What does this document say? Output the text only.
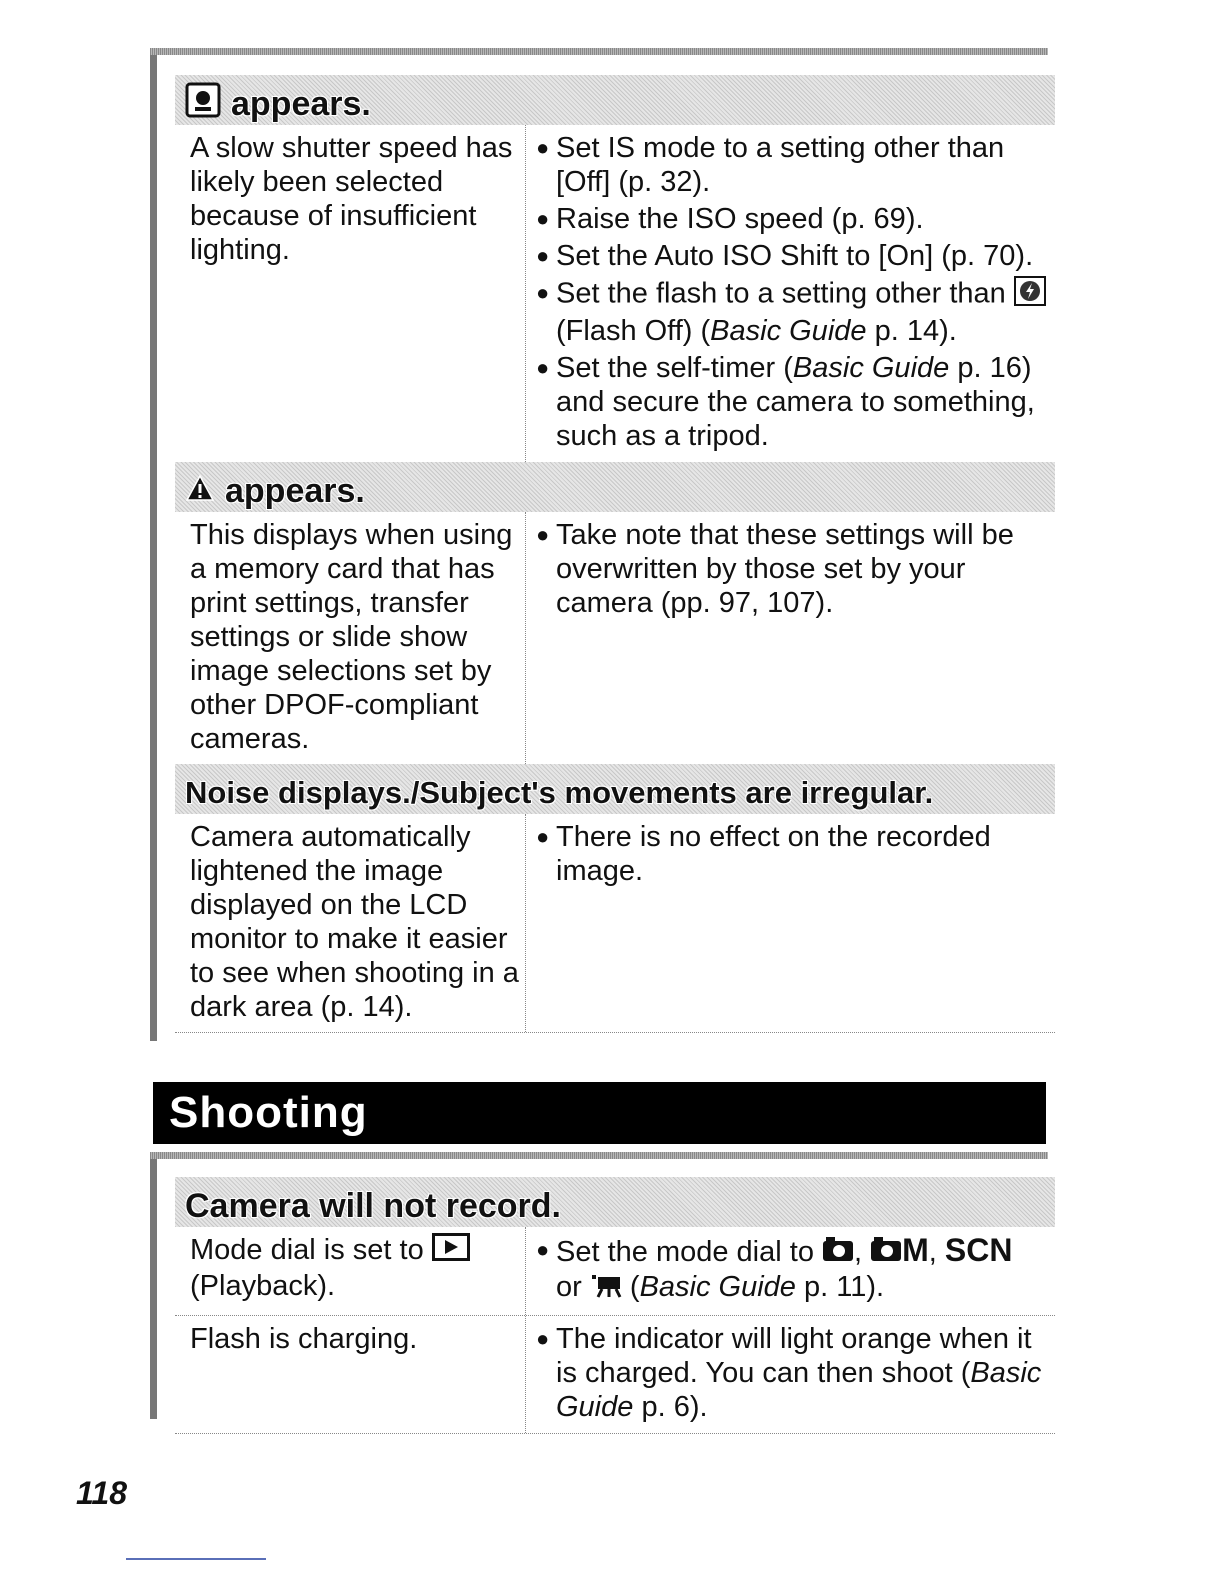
appears.
A slow shutter speed has likely been selected because of insufficient lighting.
● Set IS mode to a setting other than [Off] (p. 32).
● Raise the ISO speed (p. 69).
● Set the Auto ISO Shift to [On] (p. 70).
● Set the flash to a setting other than  (Flash Off) (Basic Guide p. 14).
● Set the self-timer (Basic Guide p. 16) and secure the camera to something, such as a tripod.
appears.
This displays when using a memory card that has print settings, transfer settings or slide show image selections set by other DPOF-compliant cameras.
● Take note that these settings will be overwritten by those set by your camera (pp. 97, 107).
Noise displays./Subject's movements are irregular.
Camera automatically lightened the image displayed on the LCD monitor to make it easier to see when shooting in a dark area (p. 14).
● There is no effect on the recorded image.
Shooting
Camera will not record.
Mode dial is set to
(Playback).
● Set the mode dial to , M, SCN
or  (Basic Guide p. 11).
Flash is charging.
●	The indicator will light orange when it is charged. You can then shoot (Basic Guide p. 6).
118
